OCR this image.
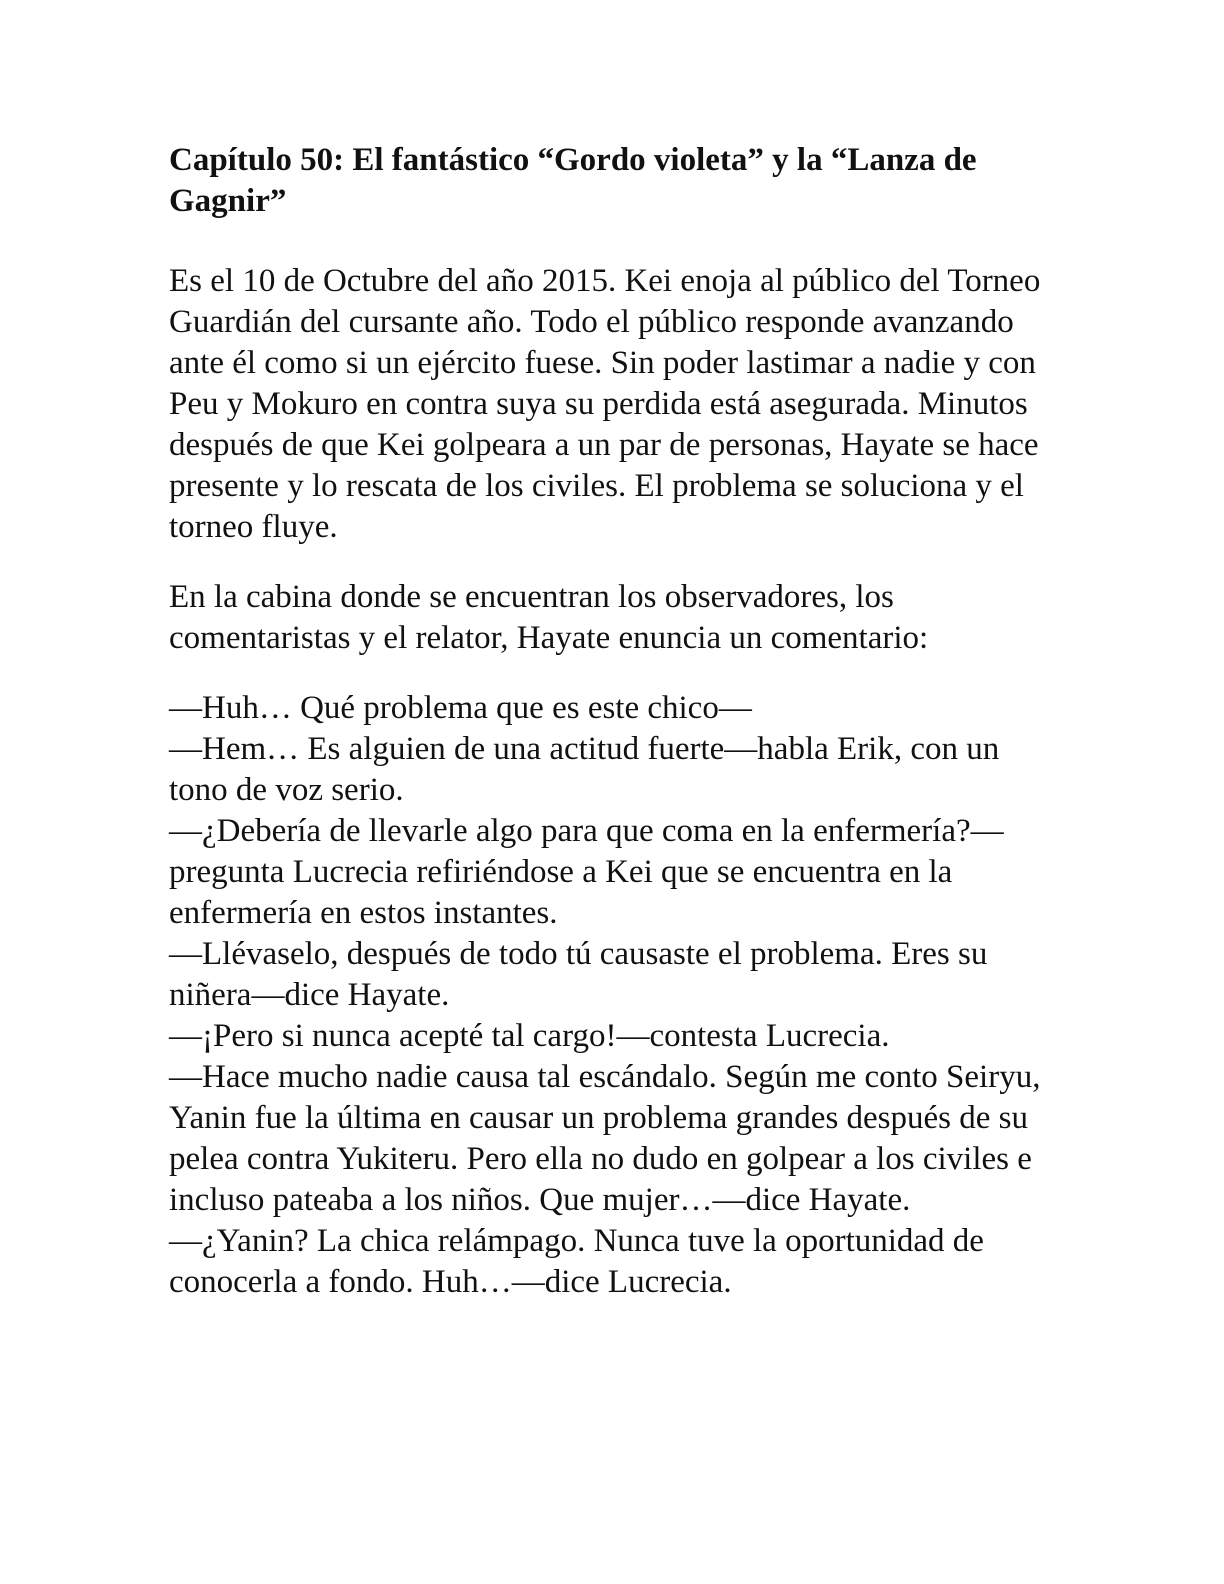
Capítulo 50: El fantástico “Gordo violeta” y la “Lanza de Gagnir”

Es el 10 de Octubre del año 2015. Kei enoja al público del Torneo Guardián del cursante año. Todo el público responde avanzando ante él como si un ejército fuese. Sin poder lastimar a nadie y con Peu y Mokuro en contra suya su perdida está asegurada. Minutos después de que Kei golpeara a un par de personas, Hayate se hace presente y lo rescata de los civiles. El problema se soluciona y el torneo fluye.

En la cabina donde se encuentran los observadores, los comentaristas y el relator, Hayate enuncia un comentario:

—Huh… Qué problema que es este chico—

—Hem… Es alguien de una actitud fuerte—habla Erik, con un tono de voz serio.

—¿Debería de llevarle algo para que coma en la enfermería?—pregunta Lucrecia refiriéndose a Kei que se encuentra en la enfermería en estos instantes.

—Llévaselo, después de todo tú causaste el problema. Eres su niñera—dice Hayate.

—¡Pero si nunca acepté tal cargo!—contesta Lucrecia.

—Hace mucho nadie causa tal escándalo. Según me conto Seiryu, Yanin fue la última en causar un problema grandes después de su pelea contra Yukiteru. Pero ella no dudo en golpear a los civiles e incluso pateaba a los niños. Que mujer…—dice Hayate.

—¿Yanin? La chica relámpago. Nunca tuve la oportunidad de conocerla a fondo. Huh…—dice Lucrecia.
